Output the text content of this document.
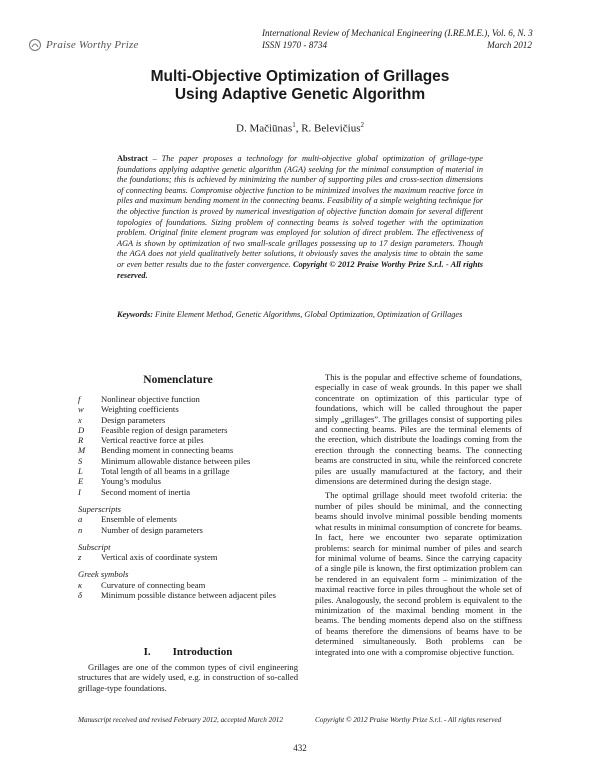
Praise Worthy Prize
International Review of Mechanical Engineering (I.RE.M.E.), Vol. 6, N. 3
ISSN 1970 - 8734	March 2012
Multi-Objective Optimization of Grillages
Using Adaptive Genetic Algorithm
D. Mačiūnas$^1$, R. Belevičius$^2$
Abstract – The paper proposes a technology for multi-objective global optimization of grillage-type foundations applying adaptive genetic algorithm (AGA) seeking for the minimal consumption of material in the foundations; this is achieved by minimizing the number of supporting piles and cross-section dimensions of connecting beams. Compromise objective function to be minimized involves the maximum reactive force in piles and maximum bending moment in the connecting beams. Feasibility of a simple weighting technique for the objective function is proved by numerical investigation of objective function domain for several different topologies of foundations. Sizing problem of connecting beams is solved together with the optimization problem. Original finite element program was employed for solution of direct problem. The effectiveness of AGA is shown by optimization of two small-scale grillages possessing up to 17 design parameters. Though the AGA does not yield qualitatively better solutions, it obviously saves the analysis time to obtain the same or even better results due to the faster convergence. Copyright © 2012 Praise Worthy Prize S.r.l. - All rights reserved.
Keywords: Finite Element Method, Genetic Algorithms, Global Optimization, Optimization of Grillages
Nomenclature
f	Nonlinear objective function
w	Weighting coefficients
x	Design parameters
D	Feasible region of design parameters
R	Vertical reactive force at piles
M	Bending moment in connecting beams
S	Minimum allowable distance between piles
L	Total length of all beams in a grillage
E	Young’s modulus
I	Second moment of inertia
Superscripts
a	Ensemble of elements
n	Number of design parameters
Subscript
z	Vertical axis of coordinate system
Greek symbols
κ	Curvature of connecting beam
δ	Minimum possible distance between adjacent piles
I.        Introduction
Grillages are one of the common types of civil engineering structures that are widely used, e.g. in construction of so-called grillage-type foundations.

This is the popular and effective scheme of foundations, especially in case of weak grounds. In this paper we shall concentrate on optimization of this particular type of foundations, which will be called throughout the paper simply „grillages”. The grillages consist of supporting piles and connecting beams. Piles are the terminal elements of the erection, which distribute the loadings coming from the erection through the connecting beams. The connecting beams are constructed in situ, while the reinforced concrete piles are usually manufactured at the factory, and their dimensions are determined during the design stage.

The optimal grillage should meet twofold criteria: the number of piles should be minimal, and the connecting beams should involve minimal possible bending moments what results in minimal consumption of concrete for beams. In fact, here we encounter two separate optimization problems: search for minimal number of piles and search for minimal volume of beams. Since the carrying capacity of a single pile is known, the first optimization problem can be rendered in an equivalent form – minimization of the maximal reactive force in piles throughout the whole set of piles. Analogously, the second problem is equivalent to the minimization of the maximal bending moment in the beams. The bending moments depend also on the stiffness of beams therefore the dimensions of beams have to be determined simultaneously. Both problems can be integrated into one with a compromise objective function.

Manuscript received and revised February 2012, accepted March 2012	Copyright © 2012 Praise Worthy Prize S.r.l. - All rights reserved
432
